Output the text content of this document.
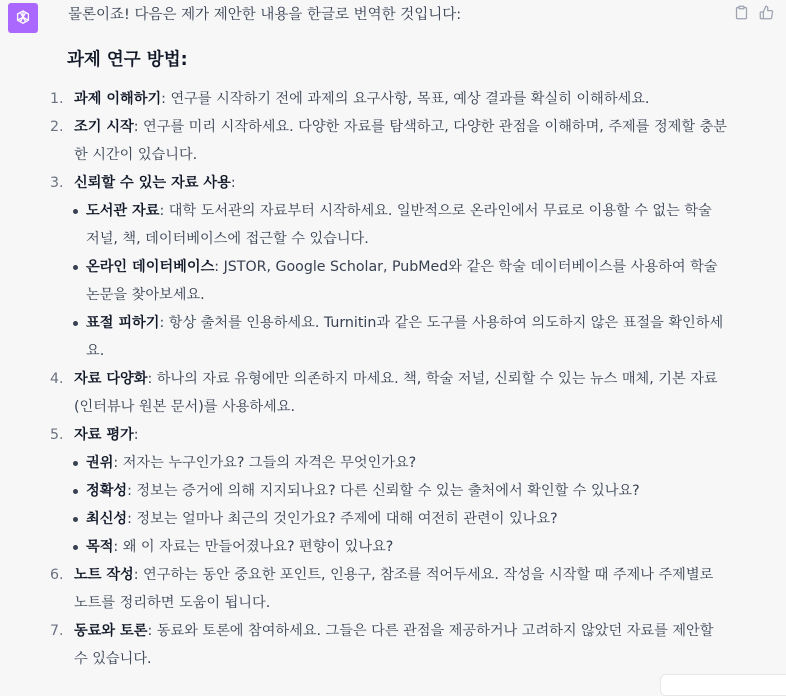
물론이죠! 다음은 제가 제안한 내용을 한글로 번역한 것입니다:
과제 연구 방법:
1. 과제 이해하기: 연구를 시작하기 전에 과제의 요구사항, 목표, 예상 결과를 확실히 이해하세요.
2. 조기 시작: 연구를 미리 시작하세요. 다양한 자료를 탐색하고, 다양한 관점을 이해하며, 주제를 정제할 충분한 시간이 있습니다.
3. 신뢰할 수 있는 자료 사용:
도서관 자료: 대학 도서관의 자료부터 시작하세요. 일반적으로 온라인에서 무료로 이용할 수 없는 학술 저널, 책, 데이터베이스에 접근할 수 있습니다.
온라인 데이터베이스: JSTOR, Google Scholar, PubMed와 같은 학술 데이터베이스를 사용하여 학술 논문을 찾아보세요.
표절 피하기: 항상 출처를 인용하세요. Turnitin과 같은 도구를 사용하여 의도하지 않은 표절을 확인하세요.
4. 자료 다양화: 하나의 자료 유형에만 의존하지 마세요. 책, 학술 저널, 신뢰할 수 있는 뉴스 매체, 기본 자료(인터뷰나 원본 문서)를 사용하세요.
5. 자료 평가:
권위: 저자는 누구인가요? 그들의 자격은 무엇인가요?
정확성: 정보는 증거에 의해 지지되나요? 다른 신뢰할 수 있는 출처에서 확인할 수 있나요?
최신성: 정보는 얼마나 최근의 것인가요? 주제에 대해 여전히 관련이 있나요?
목적: 왜 이 자료는 만들어졌나요? 편향이 있나요?
6. 노트 작성: 연구하는 동안 중요한 포인트, 인용구, 참조를 적어두세요. 작성을 시작할 때 주제나 주제별로 노트를 정리하면 도움이 됩니다.
7. 동료와 토론: 동료와 토론에 참여하세요. 그들은 다른 관점을 제공하거나 고려하지 않았던 자료를 제안할 수 있습니다.
